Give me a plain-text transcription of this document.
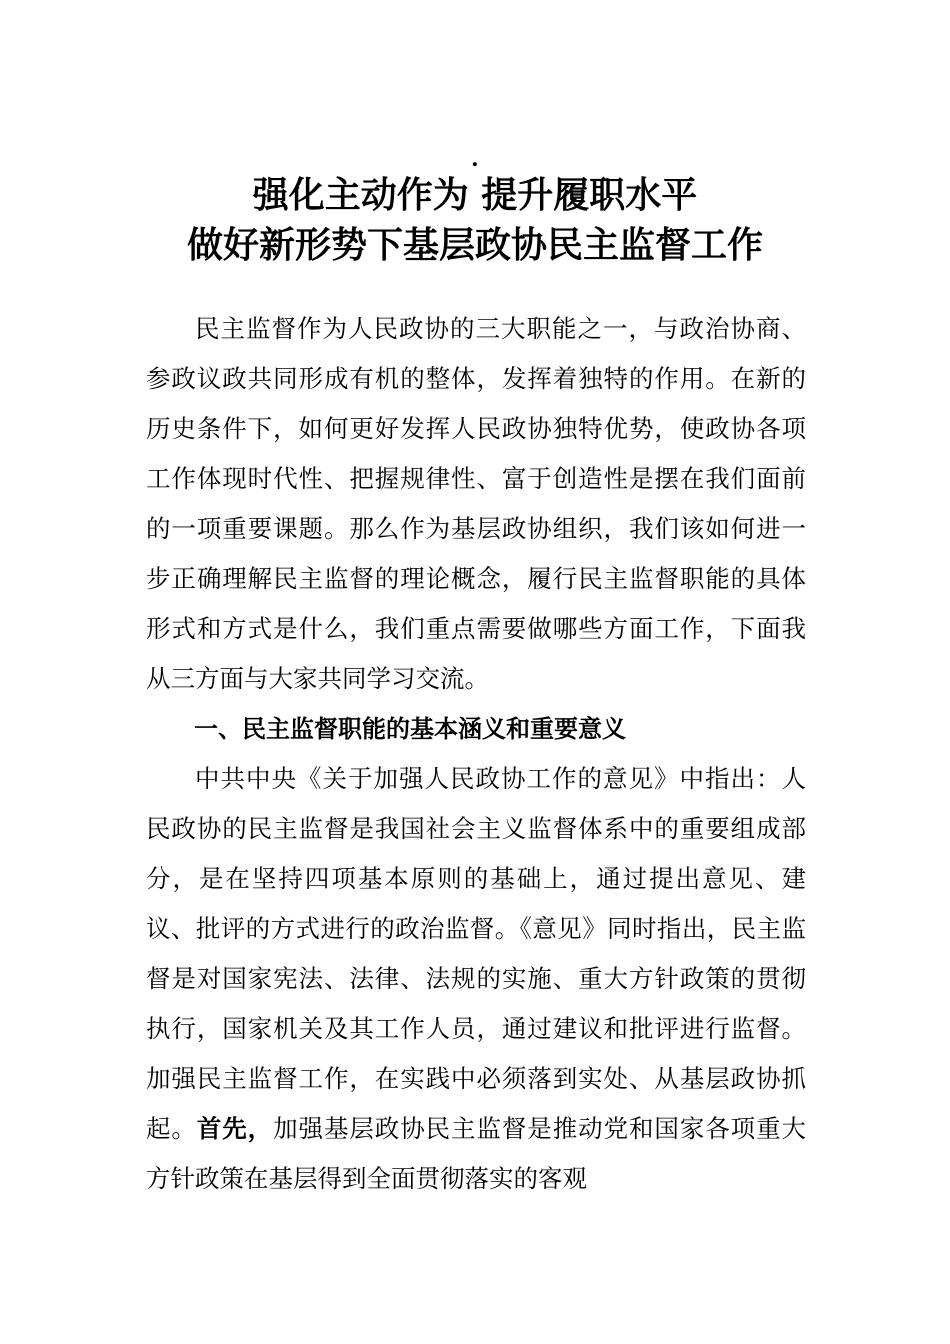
.
强化主动作为 提升履职水平
做好新形势下基层政协民主监督工作

民主监督作为人民政协的三大职能之一，与政治协商、参政议政共同形成有机的整体，发挥着独特的作用。在新的历史条件下，如何更好发挥人民政协独特优势，使政协各项工作体现时代性、把握规律性、富于创造性是摆在我们面前的一项重要课题。那么作为基层政协组织，我们该如何进一步正确理解民主监督的理论概念，履行民主监督职能的具体形式和方式是什么，我们重点需要做哪些方面工作，下面我从三方面与大家共同学习交流。

一、民主监督职能的基本涵义和重要意义

中共中央《关于加强人民政协工作的意见》中指出：人民政协的民主监督是我国社会主义监督体系中的重要组成部分，是在坚持四项基本原则的基础上，通过提出意见、建议、批评的方式进行的政治监督。《意见》同时指出，民主监督是对国家宪法、法律、法规的实施、重大方针政策的贯彻执行，国家机关及其工作人员，通过建议和批评进行监督。加强民主监督工作，在实践中必须落到实处、从基层政协抓起。首先，加强基层政协民主监督是推动党和国家各项重大方针政策在基层得到全面贯彻落实的客观
